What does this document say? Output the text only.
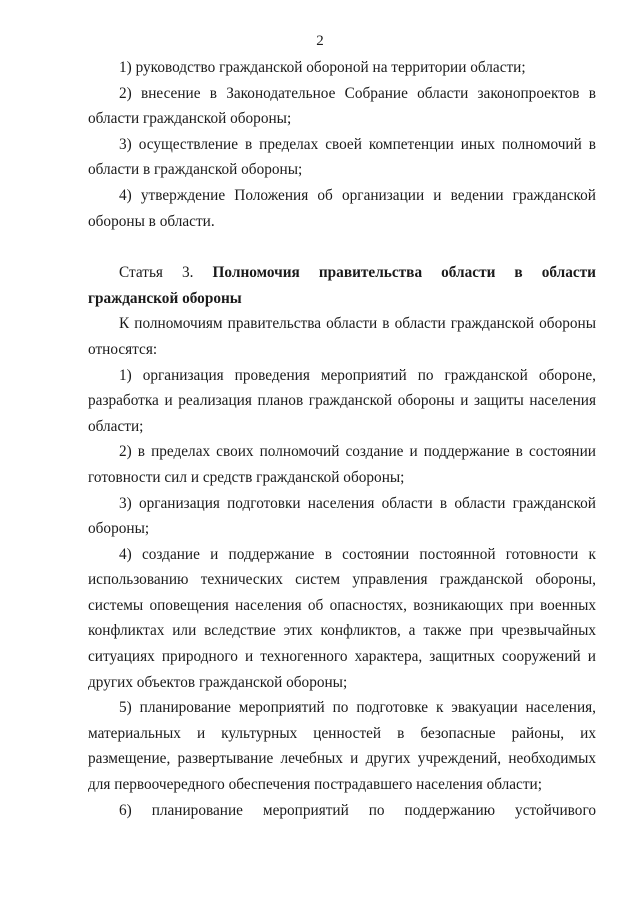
2

1) руководство гражданской обороной на территории области;

2) внесение в Законодательное Собрание области законопроектов в области гражданской обороны;

3) осуществление в пределах своей компетенции иных полномочий в области в гражданской обороны;

4) утверждение Положения об организации и ведении гражданской обороны в области.

Статья 3. Полномочия правительства области в области гражданской обороны

К полномочиям правительства области в области гражданской обороны относятся:

1) организация проведения мероприятий по гражданской обороне, разработка и реализация планов гражданской обороны и защиты населения области;

2) в пределах своих полномочий создание и поддержание в состоянии готовности сил и средств гражданской обороны;

3) организация подготовки населения области в области гражданской обороны;

4) создание и поддержание в состоянии постоянной готовности к использованию технических систем управления гражданской обороны, системы оповещения населения об опасностях, возникающих при военных конфликтах или вследствие этих конфликтов, а также при чрезвычайных ситуациях природного и техногенного характера, защитных сооружений и других объектов гражданской обороны;

5) планирование мероприятий по подготовке к эвакуации населения, материальных и культурных ценностей в безопасные районы, их размещение, развертывание лечебных и других учреждений, необходимых для первоочередного обеспечения пострадавшего населения области;

6) планирование мероприятий по поддержанию устойчивого
